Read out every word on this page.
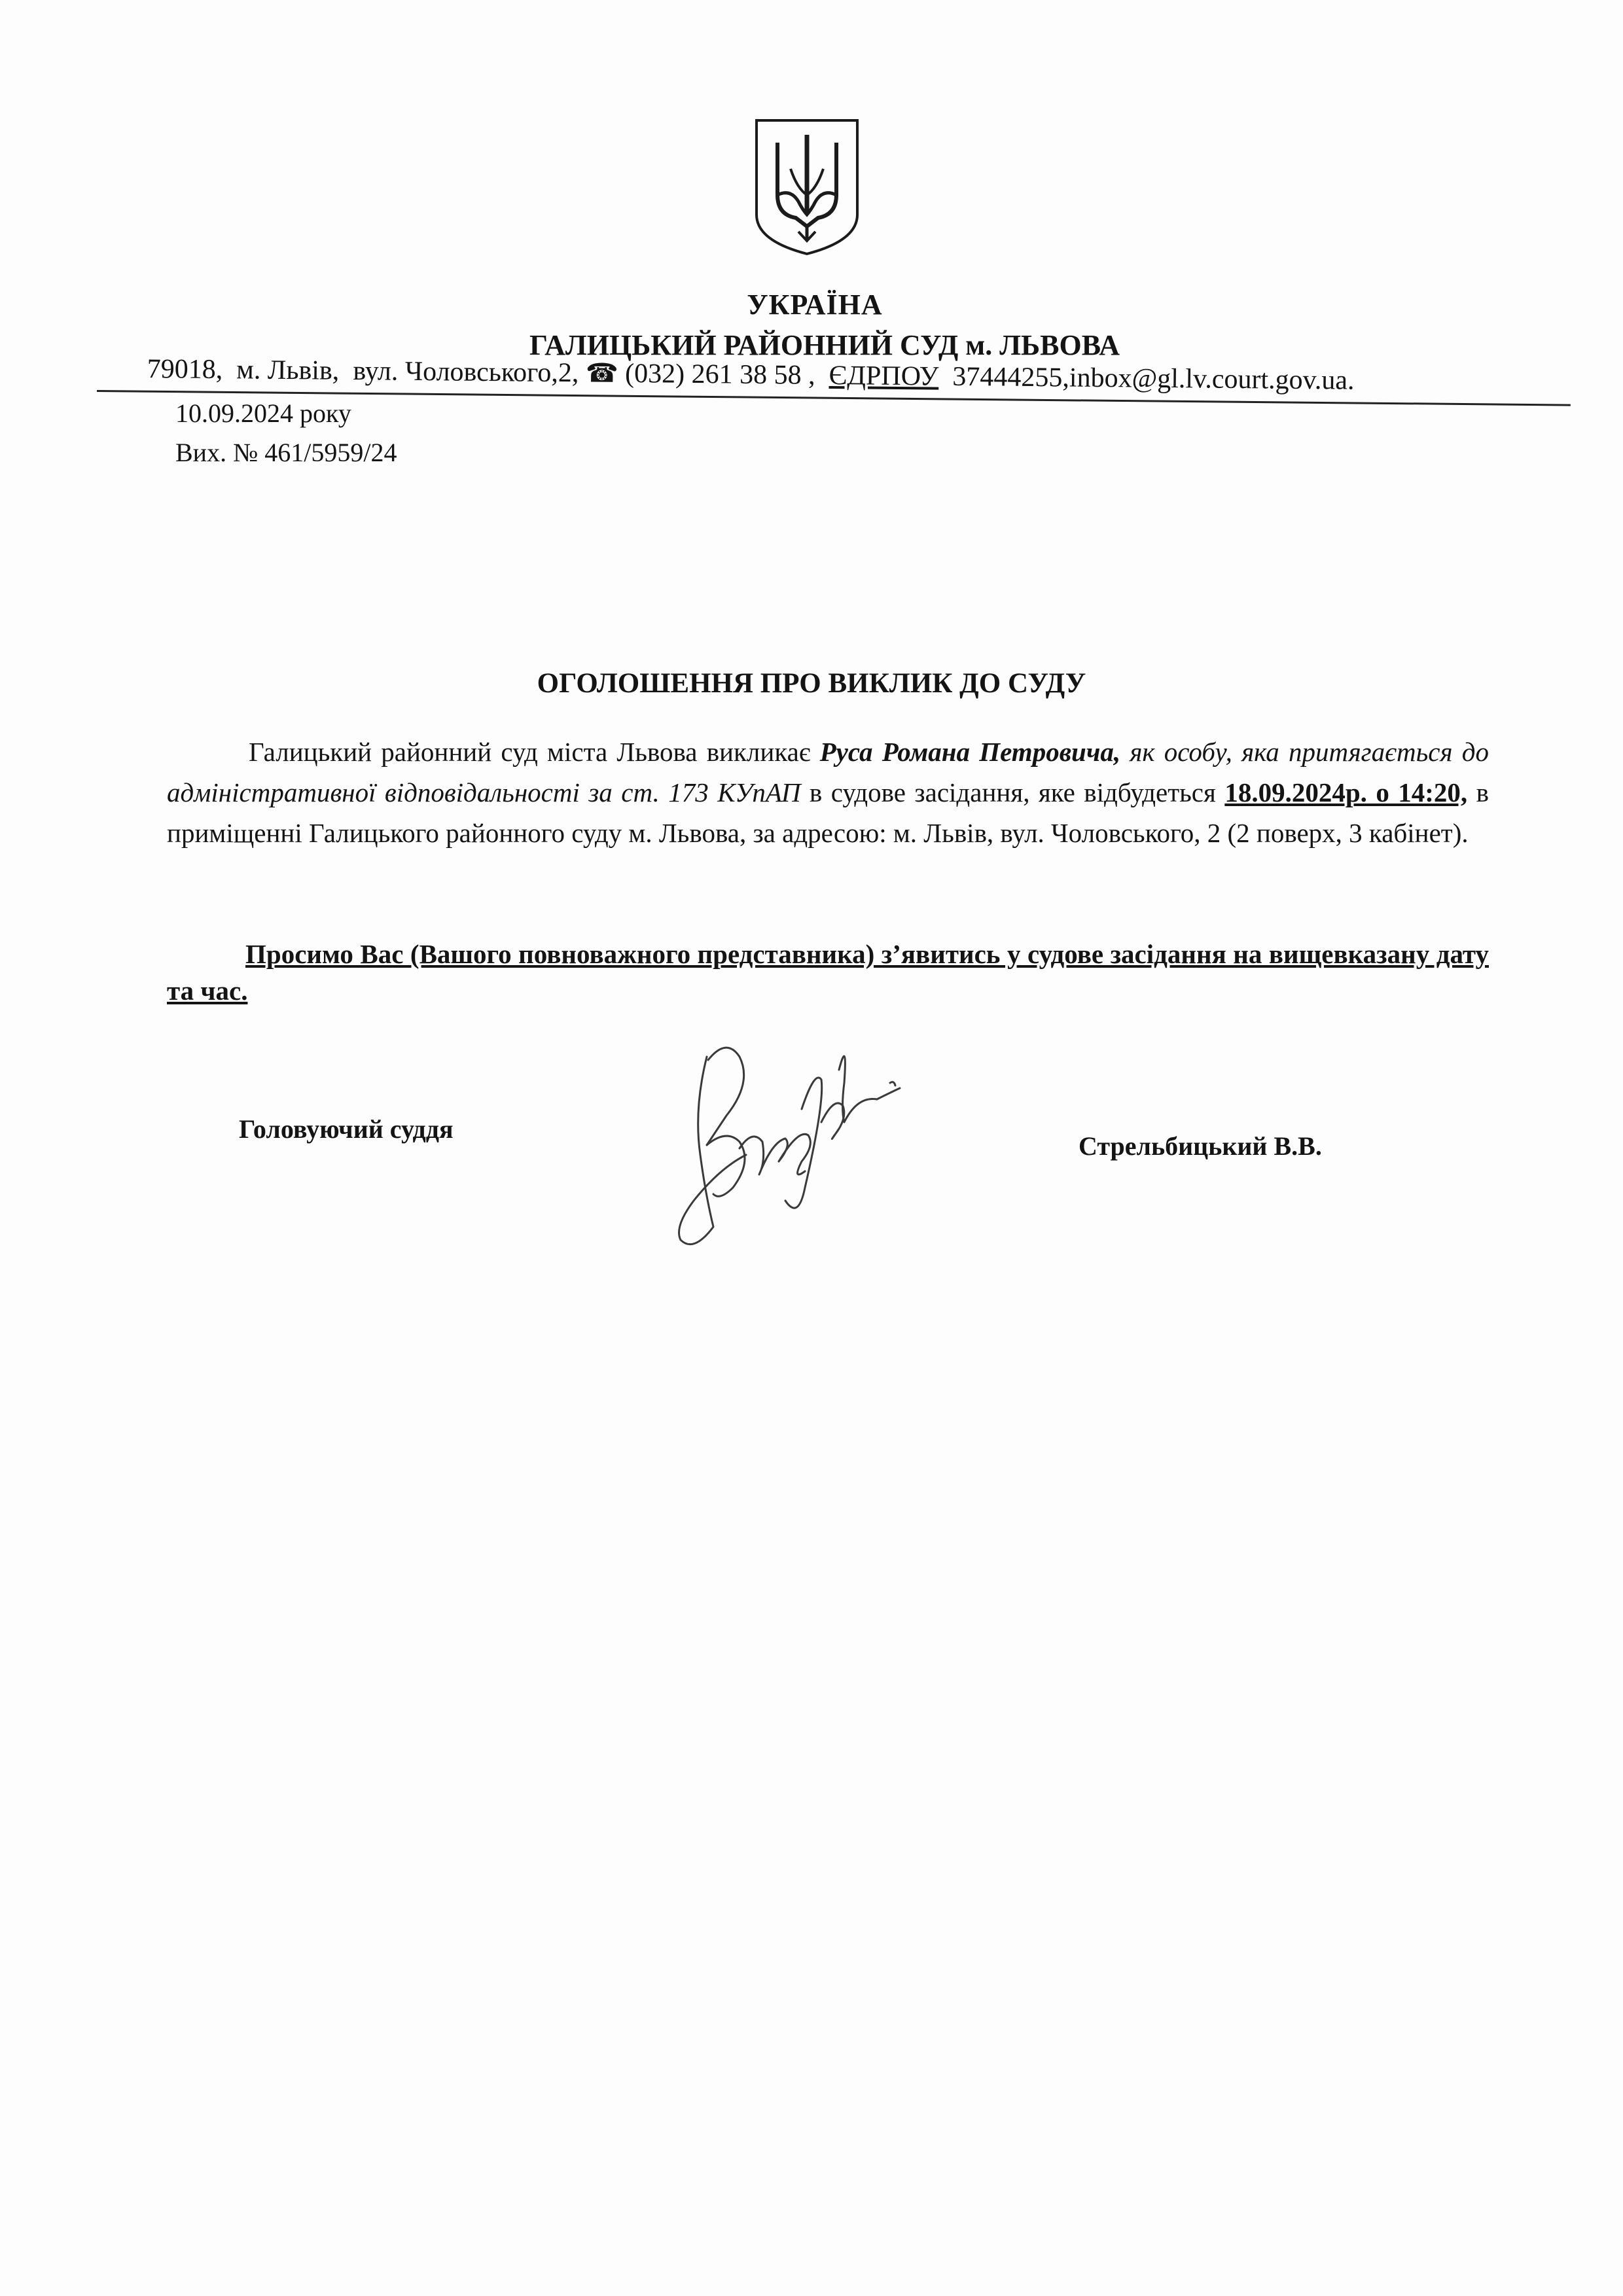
УКРАЇНА
ГАЛИЦЬКИЙ РАЙОННИЙ СУД м. ЛЬВОВА
79018, м. Львів, вул. Чоловського,2, ☎ (032) 261 38 58 , ЄДРПОУ 37444255,inbox@gl.lv.court.gov.ua.
10.09.2024 року
Вих. № 461/5959/24
ОГОЛОШЕННЯ ПРО ВИКЛИК ДО СУДУ
Галицький районний суд міста Львова викликає Руса Романа Петровича, як особу, яка притягається до адміністративної відповідальності за ст. 173 КУпАП в судове засідання, яке відбудеться 18.09.2024р. о 14:20, в приміщенні Галицького районного суду м. Львова, за адресою: м. Львів, вул. Чоловського, 2 (2 поверх, 3 кабінет).
Просимо Вас (Вашого повноважного представника) з’явитись у судове засідання на вищевказану дату та час.
Головуючий суддя
Стрельбицький В.В.
